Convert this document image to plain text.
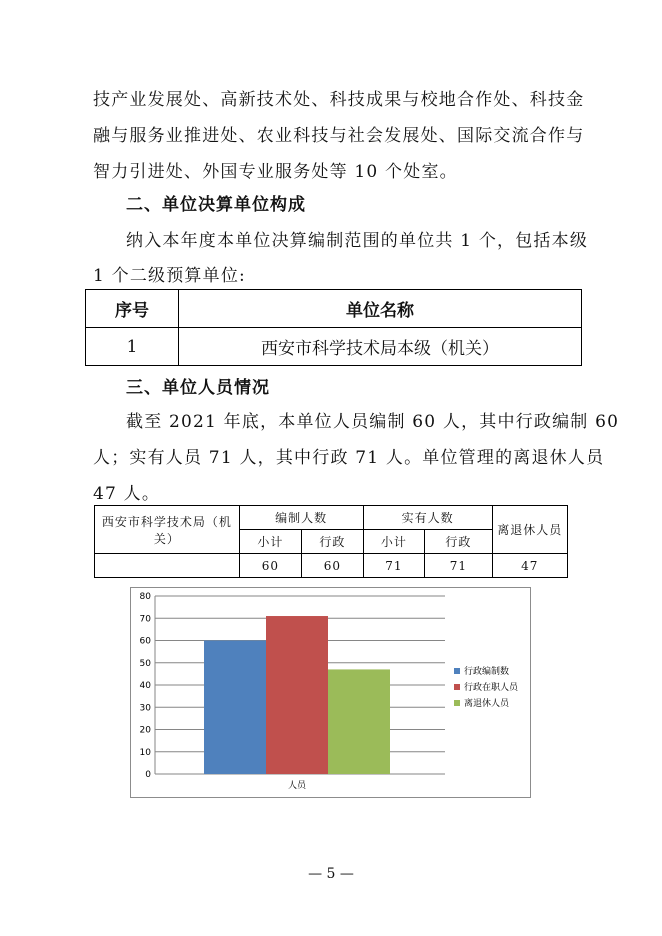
技产业发展处、高新技术处、科技成果与校地合作处、科技金
融与服务业推进处、农业科技与社会发展处、国际交流合作与
智力引进处、外国专业服务处等 10 个处室。
二、单位决算单位构成
纳入本年度本单位决算编制范围的单位共 1 个，包括本级
1 个二级预算单位:
序号	单位名称
1	西安市科学技术局本级（机关）
三、单位人员情况
截至 2021 年底，本单位人员编制 60 人，其中行政编制 60
人；实有人员 71 人，其中行政 71 人。单位管理的离退休人员
47 人。
西安市科学技术局（机
关）	编制人数		实有人数		离退休人员
	小计	行政	小计	行政	
	60	60	71	71	47
0
10
20
30
40
50
60
70
80
人员
行政编制数
行政在职人员
离退休人员
— 5 —
